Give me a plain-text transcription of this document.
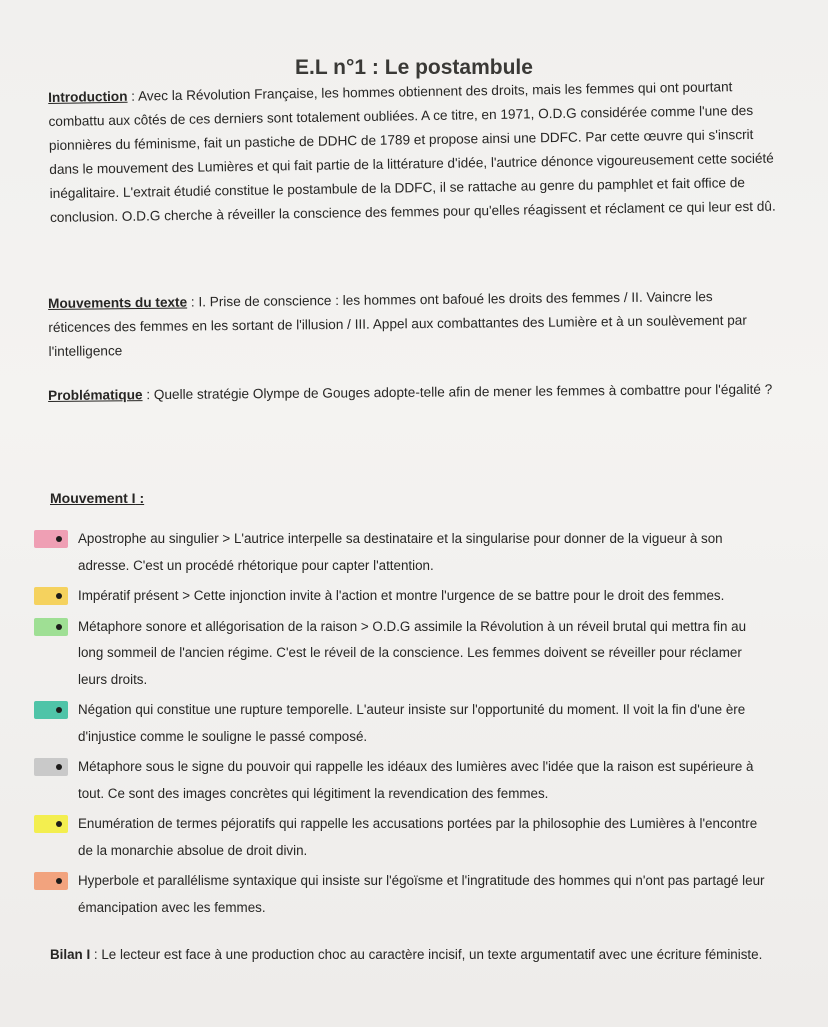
E.L n°1 : Le postambule
Introduction : Avec la Révolution Française, les hommes obtiennent des droits, mais les femmes qui ont pourtant combattu aux côtés de ces derniers sont totalement oubliées. A ce titre, en 1971, O.D.G considérée comme l'une des pionnières du féminisme, fait un pastiche de DDHC de 1789 et propose ainsi une DDFC. Par cette œuvre qui s'inscrit dans le mouvement des Lumières et qui fait partie de la littérature d'idée, l'autrice dénonce vigoureusement cette société inégalitaire. L'extrait étudié constitue le postambule de la DDFC, il se rattache au genre du pamphlet et fait office de conclusion. O.D.G cherche à réveiller la conscience des femmes pour qu'elles réagissent et réclament ce qui leur est dû.
Mouvements du texte : I. Prise de conscience : les hommes ont bafoué les droits des femmes / II. Vaincre les réticences des femmes en les sortant de l'illusion / III. Appel aux combattantes des Lumière et à un soulèvement par l'intelligence
Problématique : Quelle stratégie Olympe de Gouges adopte-telle afin de mener les femmes à combattre pour l'égalité ?
Mouvement I :
Apostrophe au singulier > L'autrice interpelle sa destinataire et la singularise pour donner de la vigueur à son adresse. C'est un procédé rhétorique pour capter l'attention.
Impératif présent > Cette injonction invite à l'action et montre l'urgence de se battre pour le droit des femmes.
Métaphore sonore et allégorisation de la raison > O.D.G assimile la Révolution à un réveil brutal qui mettra fin au long sommeil de l'ancien régime. C'est le réveil de la conscience. Les femmes doivent se réveiller pour réclamer leurs droits.
Négation qui constitue une rupture temporelle. L'auteur insiste sur l'opportunité du moment. Il voit la fin d'une ère d'injustice comme le souligne le passé composé.
Métaphore sous le signe du pouvoir qui rappelle les idéaux des lumières avec l'idée que la raison est supérieure à tout. Ce sont des images concrètes qui légitiment la revendication des femmes.
Enumération de termes péjoratifs qui rappelle les accusations portées par la philosophie des Lumières à l'encontre de la monarchie absolue de droit divin.
Hyperbole et parallélisme syntaxique qui insiste sur l'égoïsme et l'ingratitude des hommes qui n'ont pas partagé leur émancipation avec les femmes.
Bilan I : Le lecteur est face à une production choc au caractère incisif, un texte argumentatif avec une écriture féministe.
